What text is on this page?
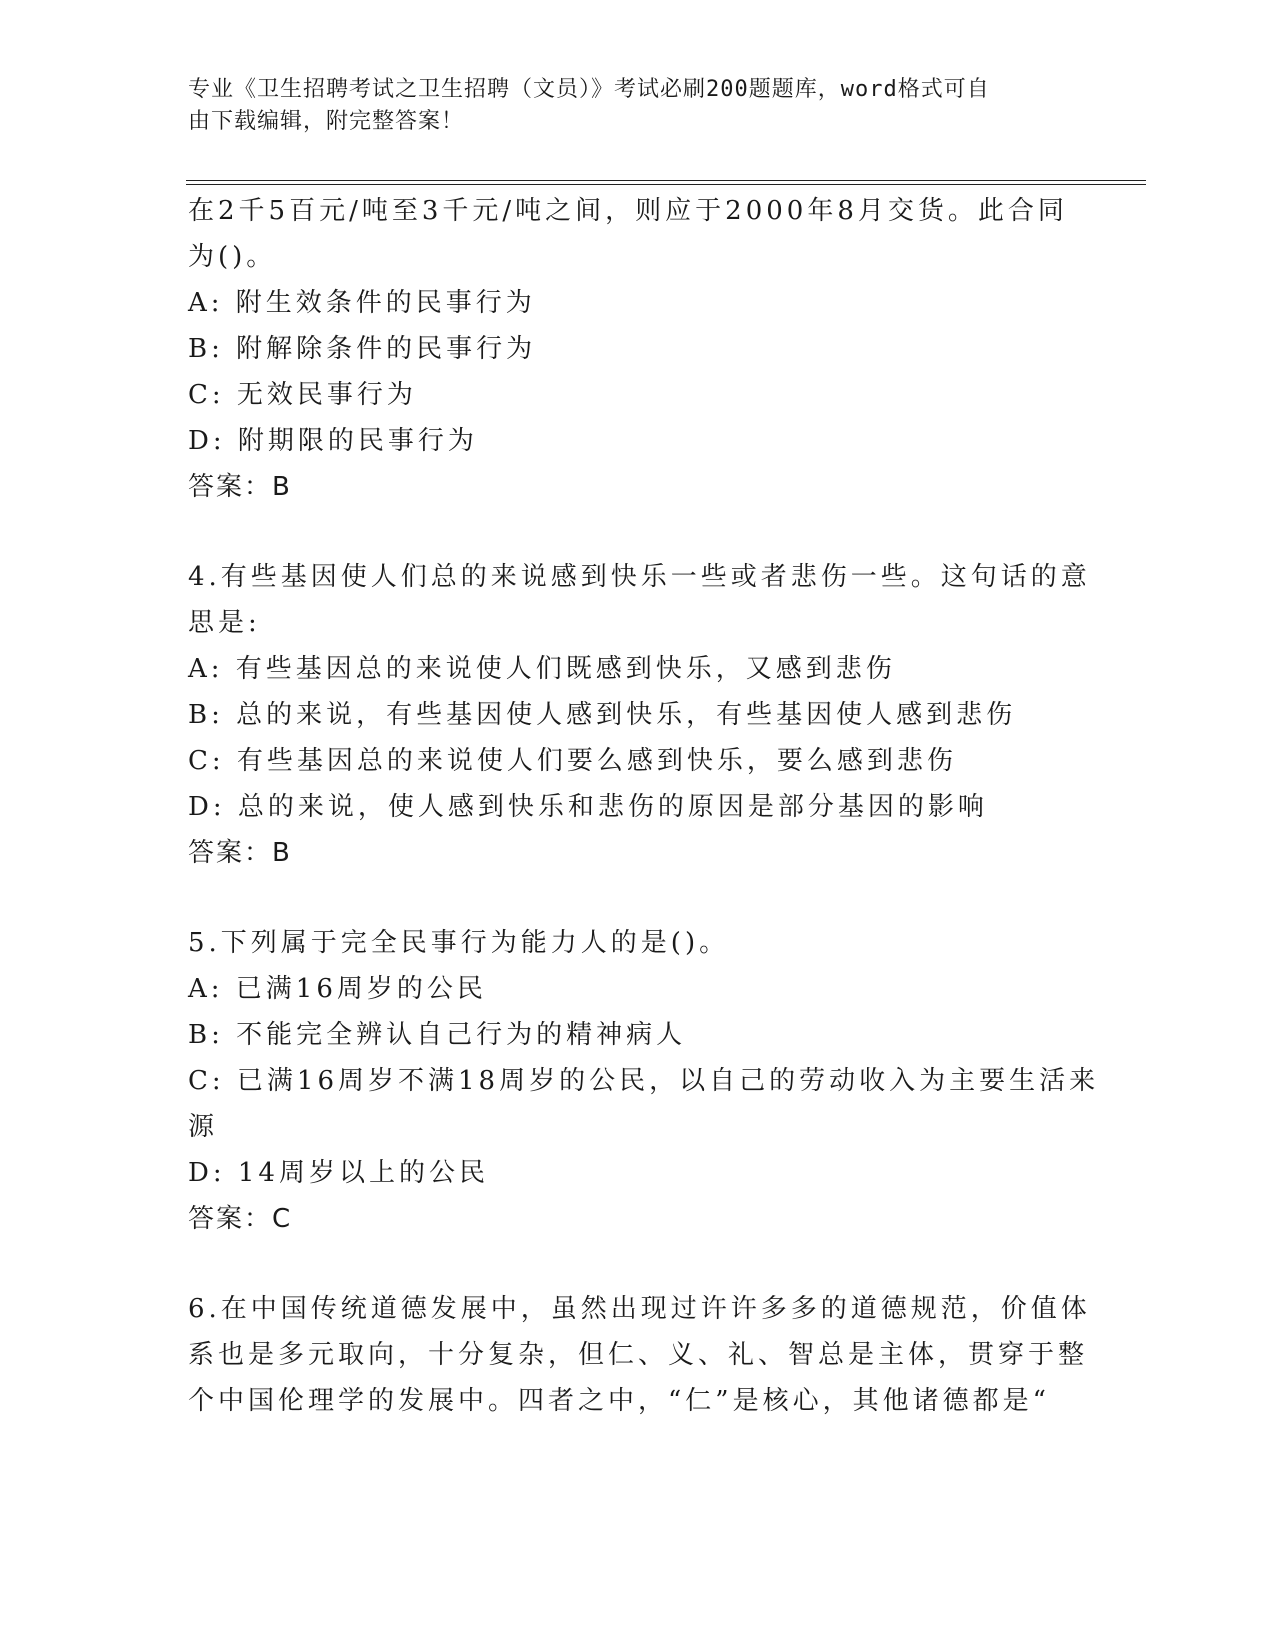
专业《卫生招聘考试之卫生招聘（文员）》考试必刷200题题库，word格式可自
由下载编辑，附完整答案！
在2千5百元/吨至3千元/吨之间，则应于2000年8月交货。此合同
为()。
A: 附生效条件的民事行为
B: 附解除条件的民事行为
C: 无效民事行为
D: 附期限的民事行为
答案：B
4.有些基因使人们总的来说感到快乐一些或者悲伤一些。这句话的意
思是:
A: 有些基因总的来说使人们既感到快乐，又感到悲伤
B: 总的来说，有些基因使人感到快乐，有些基因使人感到悲伤
C: 有些基因总的来说使人们要么感到快乐，要么感到悲伤
D: 总的来说，使人感到快乐和悲伤的原因是部分基因的影响
答案：B
5.下列属于完全民事行为能力人的是()。
A: 已满16周岁的公民
B: 不能完全辨认自己行为的精神病人
C: 已满16周岁不满18周岁的公民，以自己的劳动收入为主要生活来
源
D: 14周岁以上的公民
答案：C
6.在中国传统道德发展中，虽然出现过许许多多的道德规范，价值体
系也是多元取向，十分复杂，但仁、义、礼、智总是主体，贯穿于整
个中国伦理学的发展中。四者之中，“仁”是核心，其他诸德都是“
